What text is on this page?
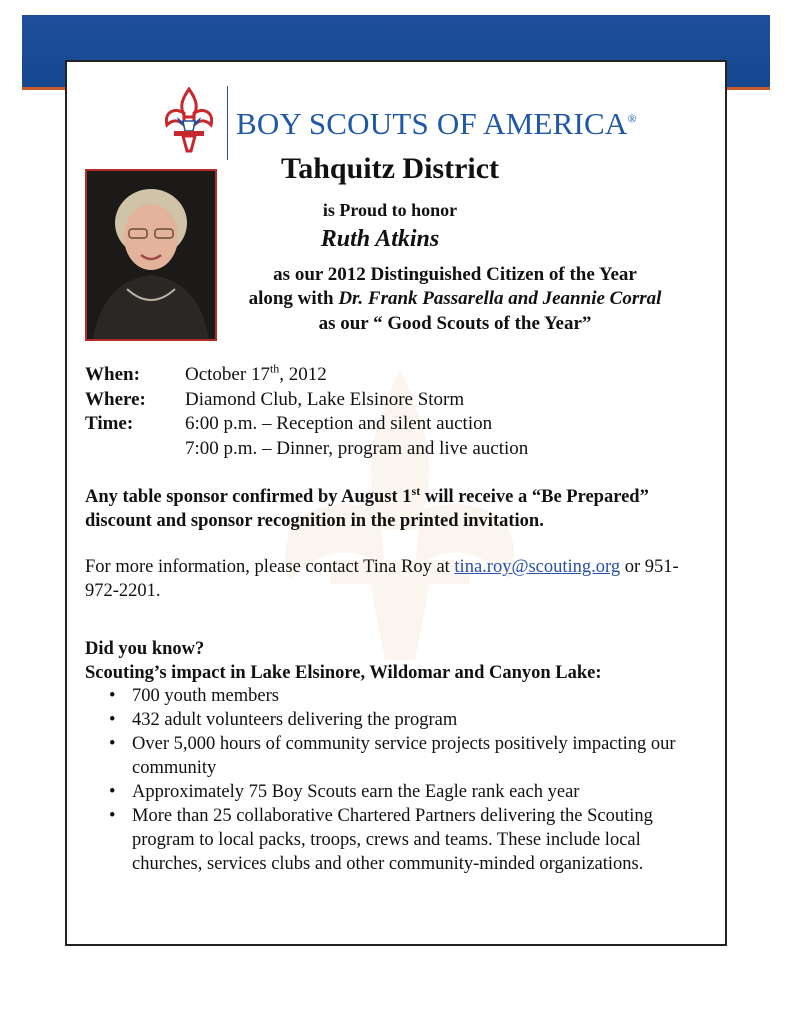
BOY SCOUTS OF AMERICA®
Tahquitz District
is Proud to honor
Ruth Atkins
as our 2012 Distinguished Citizen of the Year
along with Dr. Frank Passarella and Jeannie Corral
as our “ Good Scouts of the Year”
When:	October 17th, 2012
Where:	Diamond Club, Lake Elsinore Storm
Time:	6:00 p.m. – Reception and silent auction
7:00 p.m. – Dinner, program and live auction
Any table sponsor confirmed by August 1st will receive a “Be Prepared” discount and sponsor recognition in the printed invitation.
For more information, please contact Tina Roy at tina.roy@scouting.org or 951-972-2201.
Did you know?
Scouting’s impact in Lake Elsinore, Wildomar and Canyon Lake:
• 700 youth members
• 432 adult volunteers delivering the program
• Over 5,000 hours of community service projects positively impacting our community
• Approximately 75 Boy Scouts earn the Eagle rank each year
• More than 25 collaborative Chartered Partners delivering the Scouting program to local packs, troops, crews and teams. These include local churches, services clubs and other community-minded organizations.
